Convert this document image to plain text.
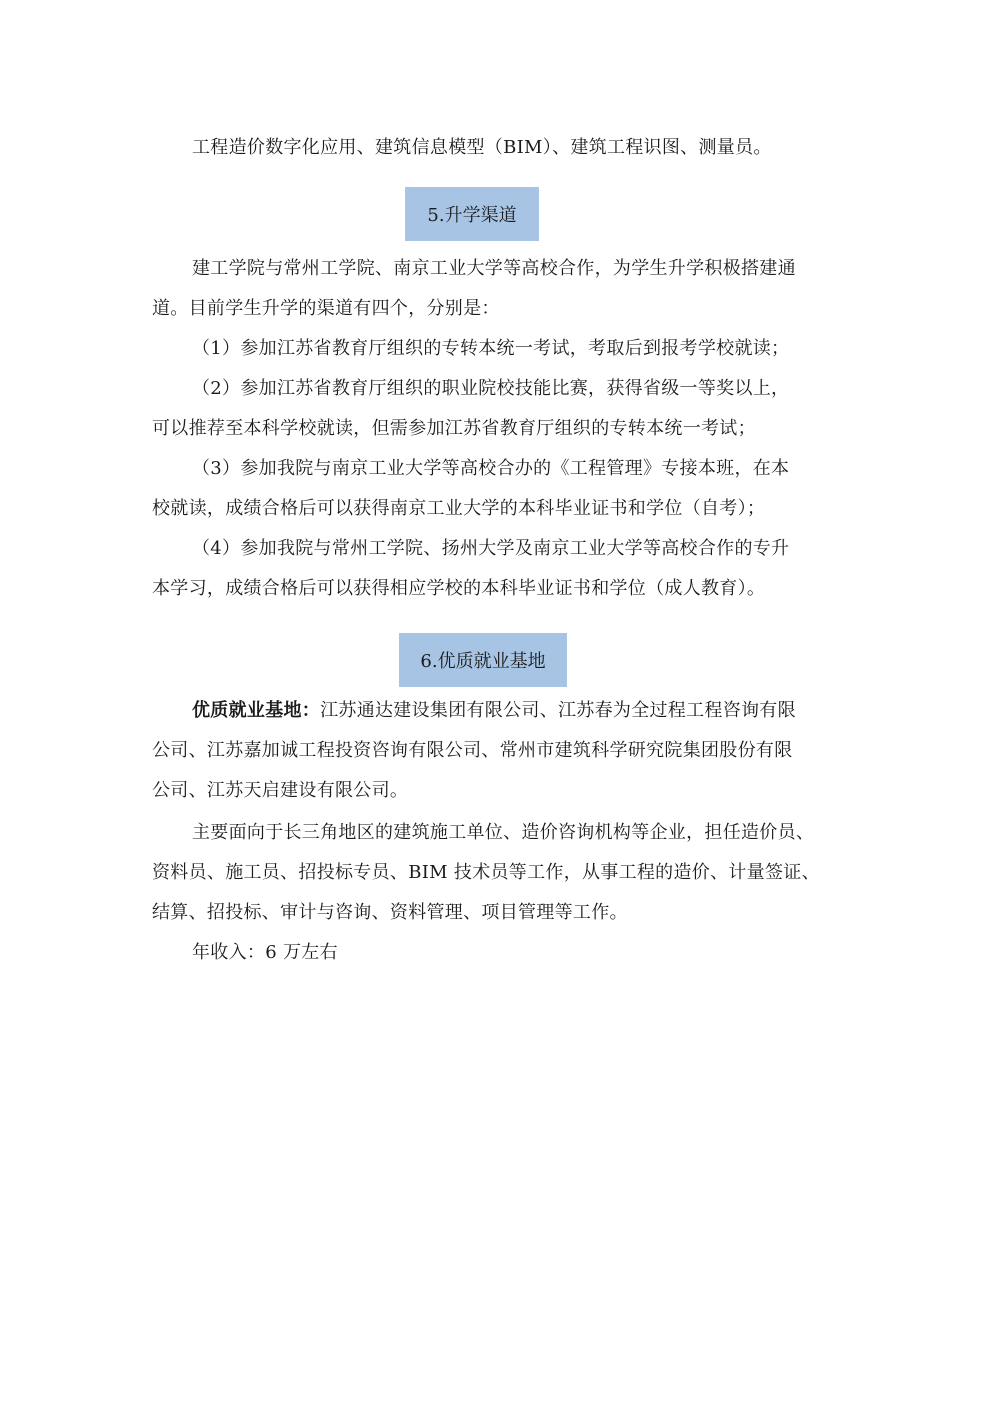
工程造价数字化应用、建筑信息模型（BIM）、建筑工程识图、测量员。
5.升学渠道
建工学院与常州工学院、南京工业大学等高校合作，为学生升学积极搭建通
道。目前学生升学的渠道有四个，分别是：
（1）参加江苏省教育厅组织的专转本统一考试，考取后到报考学校就读；
（2）参加江苏省教育厅组织的职业院校技能比赛，获得省级一等奖以上，
可以推荐至本科学校就读，但需参加江苏省教育厅组织的专转本统一考试；
（3）参加我院与南京工业大学等高校合办的《工程管理》专接本班，在本
校就读，成绩合格后可以获得南京工业大学的本科毕业证书和学位（自考）；
（4）参加我院与常州工学院、扬州大学及南京工业大学等高校合作的专升
本学习，成绩合格后可以获得相应学校的本科毕业证书和学位（成人教育）。
6.优质就业基地
优质就业基地：江苏通达建设集团有限公司、江苏春为全过程工程咨询有限
公司、江苏嘉加诚工程投资咨询有限公司、常州市建筑科学研究院集团股份有限
公司、江苏天启建设有限公司。
主要面向于长三角地区的建筑施工单位、造价咨询机构等企业，担任造价员、
资料员、施工员、招投标专员、BIM 技术员等工作，从事工程的造价、计量签证、
结算、招投标、审计与咨询、资料管理、项目管理等工作。
年收入：6 万左右
